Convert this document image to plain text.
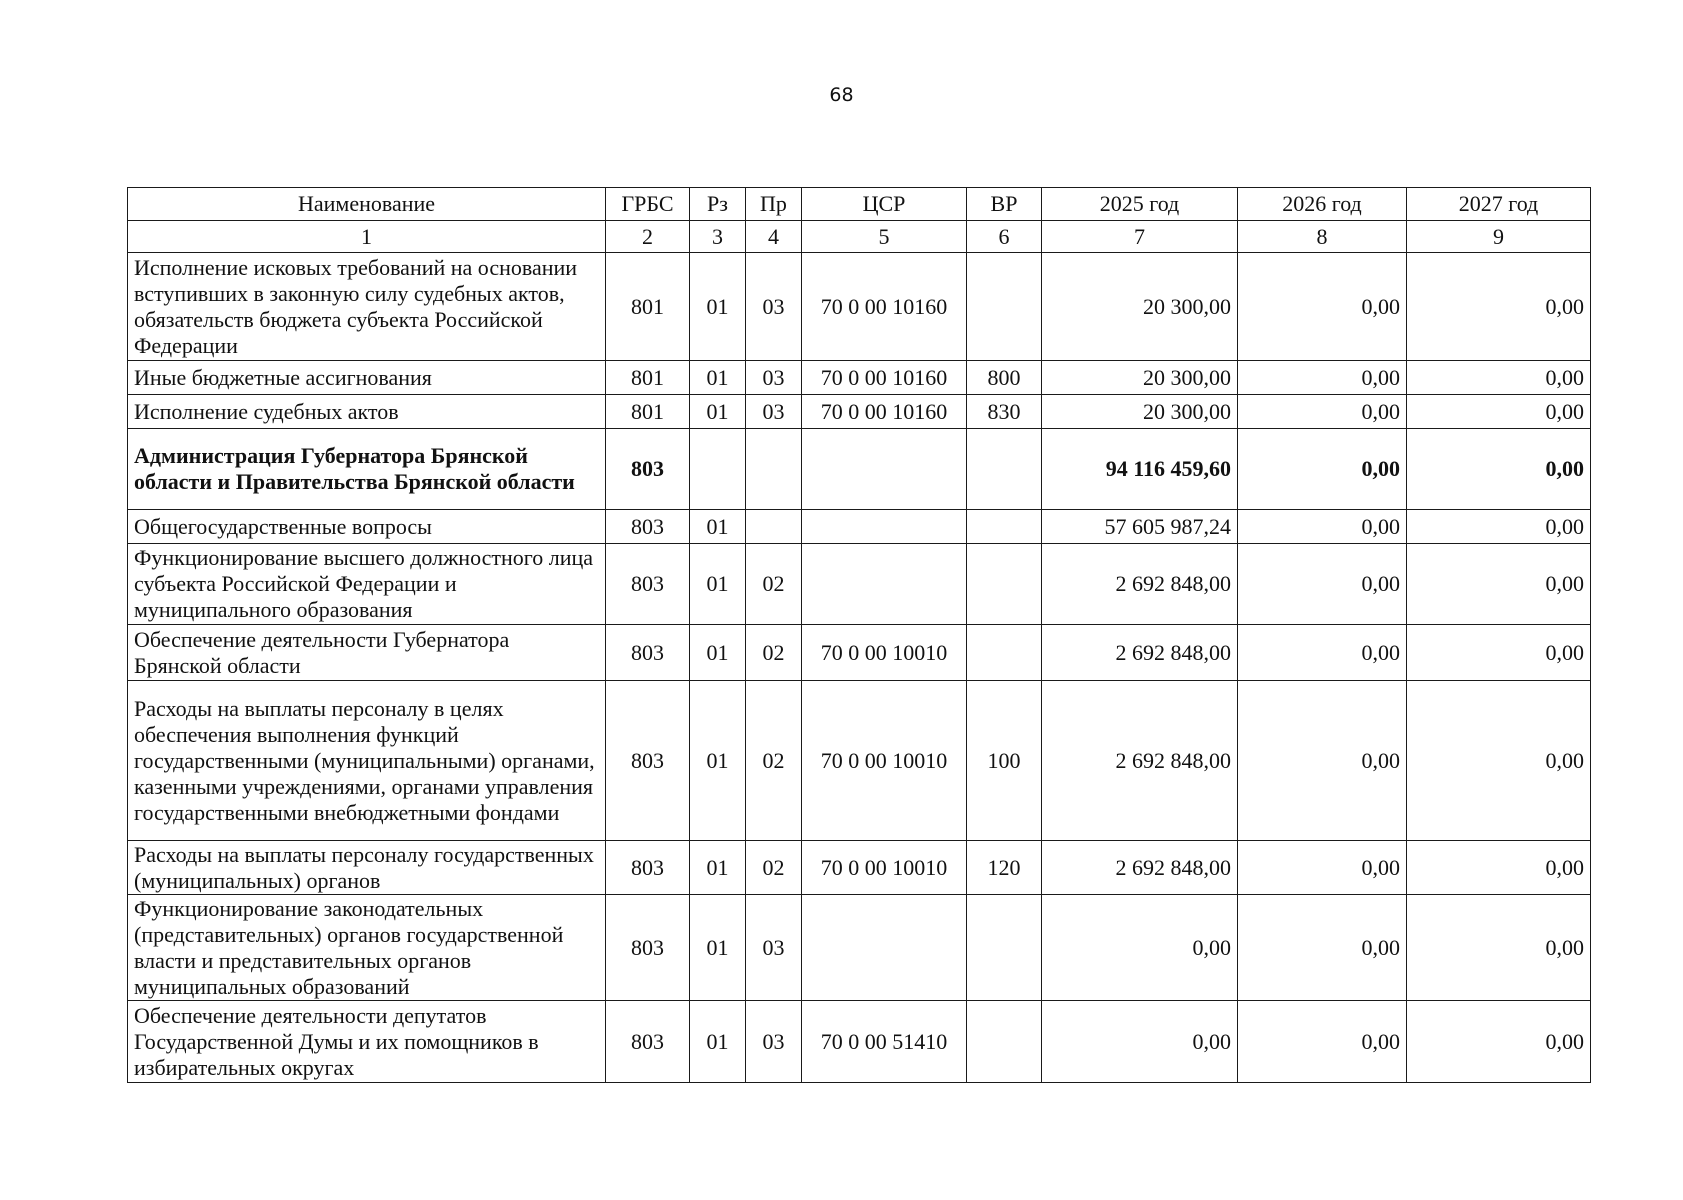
68
Наименование	ГРБС	Рз	Пр	ЦСР	ВР	2025 год	2026 год	2027 год
1	2	3	4	5	6	7	8	9
Исполнение исковых требований на основании вступивших в законную силу судебных актов, обязательств бюджета субъекта Российской Федерации	801	01	03	70 0 00 10160		20 300,00	0,00	0,00
Иные бюджетные ассигнования	801	01	03	70 0 00 10160	800	20 300,00	0,00	0,00
Исполнение судебных актов	801	01	03	70 0 00 10160	830	20 300,00	0,00	0,00
Администрация Губернатора Брянской области и Правительства Брянской области	803					94 116 459,60	0,00	0,00
Общегосударственные вопросы	803	01				57 605 987,24	0,00	0,00
Функционирование высшего должностного лица субъекта Российской Федерации и муниципального образования	803	01	02			2 692 848,00	0,00	0,00
Обеспечение деятельности Губернатора Брянской области	803	01	02	70 0 00 10010		2 692 848,00	0,00	0,00
Расходы на выплаты персоналу в целях обеспечения выполнения функций государственными (муниципальными) органами, казенными учреждениями, органами управления государственными внебюджетными фондами	803	01	02	70 0 00 10010	100	2 692 848,00	0,00	0,00
Расходы на выплаты персоналу государственных (муниципальных) органов	803	01	02	70 0 00 10010	120	2 692 848,00	0,00	0,00
Функционирование законодательных (представительных) органов государственной власти и представительных органов муниципальных образований	803	01	03			0,00	0,00	0,00
Обеспечение деятельности депутатов Государственной Думы и их помощников в избирательных округах	803	01	03	70 0 00 51410		0,00	0,00	0,00
